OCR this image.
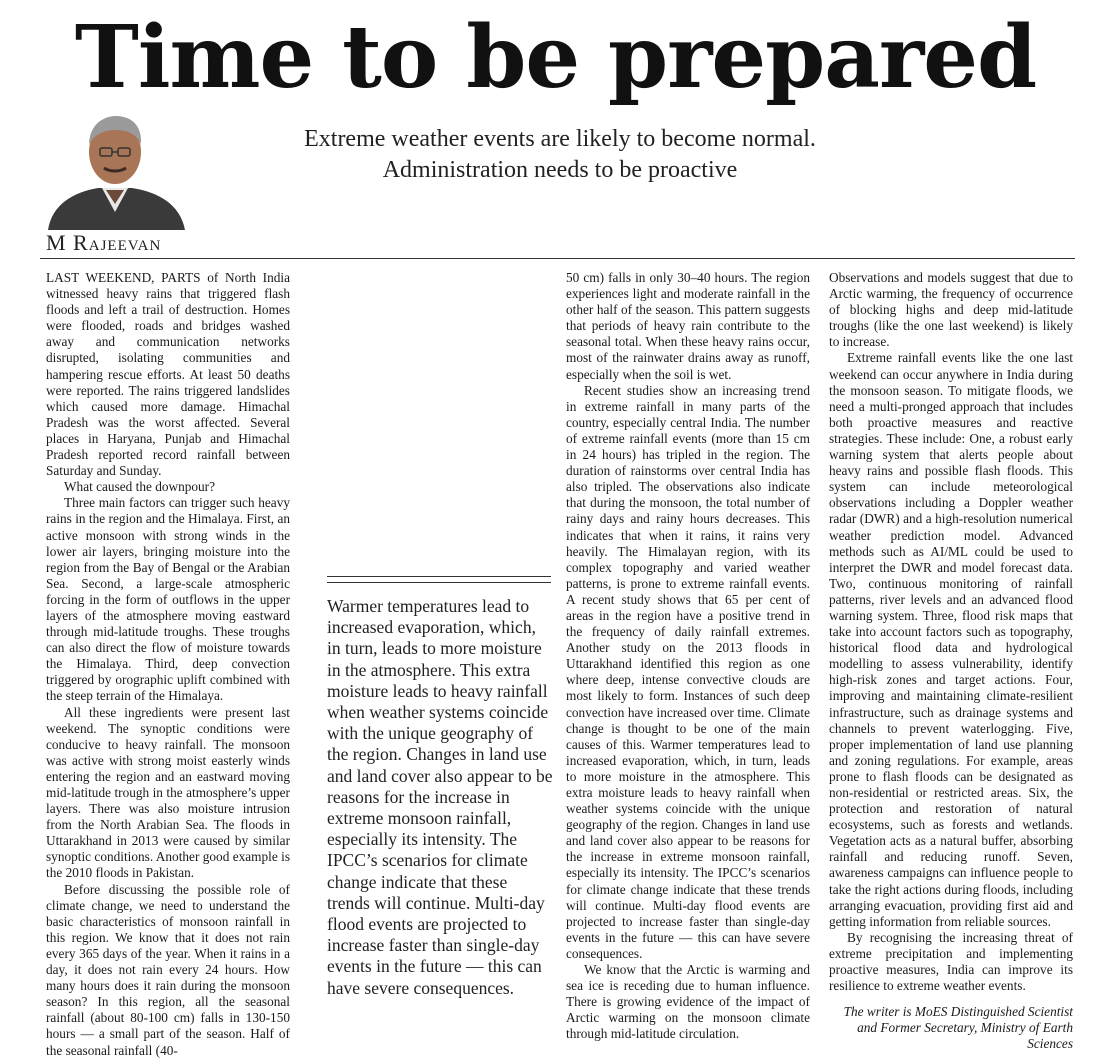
Time to be prepared

Extreme weather events are likely to become normal. Administration needs to be proactive

M Rajeevan

LAST WEEKEND, PARTS of North India witnessed heavy rains that triggered flash floods and left a trail of destruction. Homes were flooded, roads and bridges washed away and communication networks disrupted, isolating communities and hampering rescue efforts. At least 50 deaths were reported. The rains triggered landslides which caused more damage. Himachal Pradesh was the worst affected. Several places in Haryana, Punjab and Himachal Pradesh reported record rainfall between Saturday and Sunday.

What caused the downpour?

Three main factors can trigger such heavy rains in the region and the Himalaya. First, an active monsoon with strong winds in the lower air layers, bringing moisture into the region from the Bay of Bengal or the Arabian Sea. Second, a large-scale atmospheric forcing in the form of outflows in the upper layers of the atmosphere moving eastward through mid-latitude troughs. These troughs can also direct the flow of moisture towards the Himalaya. Third, deep convection triggered by orographic uplift combined with the steep terrain of the Himalaya.

All these ingredients were present last weekend. The synoptic conditions were conducive to heavy rainfall. The monsoon was active with strong moist easterly winds entering the region and an eastward moving mid-latitude trough in the atmosphere’s upper layers. There was also moisture intrusion from the North Arabian Sea. The floods in Uttarakhand in 2013 were caused by similar synoptic conditions. Another good example is the 2010 floods in Pakistan.

Before discussing the possible role of climate change, we need to understand the basic characteristics of monsoon rainfall in this region. We know that it does not rain every 365 days of the year. When it rains in a day, it does not rain every 24 hours. How many hours does it rain during the monsoon season? In this region, all the seasonal rainfall (about 80-100 cm) falls in 130-150 hours — a small part of the season. Half of the seasonal rainfall (40-

Warmer temperatures lead to increased evaporation, which, in turn, leads to more moisture in the atmosphere. This extra moisture leads to heavy rainfall when weather systems coincide with the unique geography of the region. Changes in land use and land cover also appear to be reasons for the increase in extreme monsoon rainfall, especially its intensity. The IPCC’s scenarios for climate change indicate that these trends will continue. Multi-day flood events are projected to increase faster than single-day events in the future — this can have severe consequences.

50 cm) falls in only 30–40 hours. The region experiences light and moderate rainfall in the other half of the season. This pattern suggests that periods of heavy rain contribute to the seasonal total. When these heavy rains occur, most of the rainwater drains away as runoff, especially when the soil is wet.

Recent studies show an increasing trend in extreme rainfall in many parts of the country, especially central India. The number of extreme rainfall events (more than 15 cm in 24 hours) has tripled in the region. The duration of rainstorms over central India has also tripled. The observations also indicate that during the monsoon, the total number of rainy days and rainy hours decreases. This indicates that when it rains, it rains very heavily. The Himalayan region, with its complex topography and varied weather patterns, is prone to extreme rainfall events. A recent study shows that 65 per cent of areas in the region have a positive trend in the frequency of daily rainfall extremes. Another study on the 2013 floods in Uttarakhand identified this region as one where deep, intense convective clouds are most likely to form. Instances of such deep convection have increased over time. Climate change is thought to be one of the main causes of this. Warmer temperatures lead to increased evaporation, which, in turn, leads to more moisture in the atmosphere. This extra moisture leads to heavy rainfall when weather systems coincide with the unique geography of the region. Changes in land use and land cover also appear to be reasons for the increase in extreme monsoon rainfall, especially its intensity. The IPCC’s scenarios for climate change indicate that these trends will continue. Multi-day flood events are projected to increase faster than single-day events in the future — this can have severe consequences.

We know that the Arctic is warming and sea ice is receding due to human influence. There is growing evidence of the impact of Arctic warming on the monsoon climate through mid-latitude circulation.

Observations and models suggest that due to Arctic warming, the frequency of occurrence of blocking highs and deep mid-latitude troughs (like the one last weekend) is likely to increase.

Extreme rainfall events like the one last weekend can occur anywhere in India during the monsoon season. To mitigate floods, we need a multi-pronged approach that includes both proactive measures and reactive strategies. These include: One, a robust early warning system that alerts people about heavy rains and possible flash floods. This system can include meteorological observations including a Doppler weather radar (DWR) and a high-resolution numerical weather prediction model. Advanced methods such as AI/ML could be used to interpret the DWR and model forecast data. Two, continuous monitoring of rainfall patterns, river levels and an advanced flood warning system. Three, flood risk maps that take into account factors such as topography, historical flood data and hydrological modelling to assess vulnerability, identify high-risk zones and target actions. Four, improving and maintaining climate-resilient infrastructure, such as drainage systems and channels to prevent waterlogging. Five, proper implementation of land use planning and zoning regulations. For example, areas prone to flash floods can be designated as non-residential or restricted areas. Six, the protection and restoration of natural ecosystems, such as forests and wetlands. Vegetation acts as a natural buffer, absorbing rainfall and reducing runoff. Seven, awareness campaigns can influence people to take the right actions during floods, including arranging evacuation, providing first aid and getting information from reliable sources.

By recognising the increasing threat of extreme precipitation and implementing proactive measures, India can improve its resilience to extreme weather events.

The writer is MoES Distinguished Scientist and Former Secretary, Ministry of Earth Sciences
